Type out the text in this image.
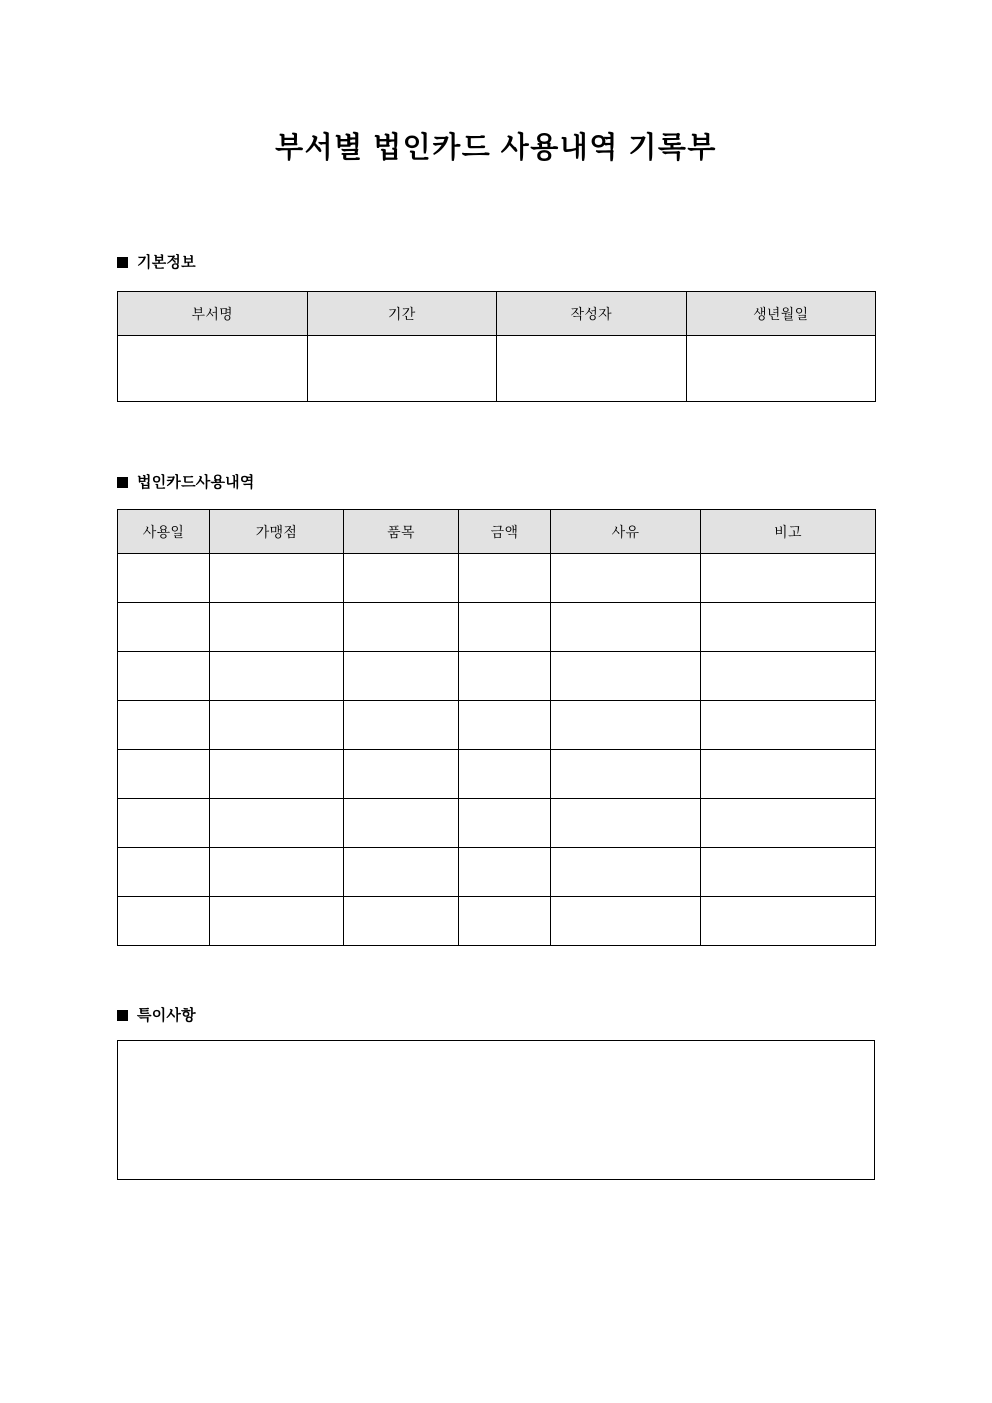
부서별 법인카드 사용내역 기록부
기본정보
부서명	기간	작성자	생년월일

법인카드사용내역
사용일	가맹점	품목	금액	사유	비고

특이사항
